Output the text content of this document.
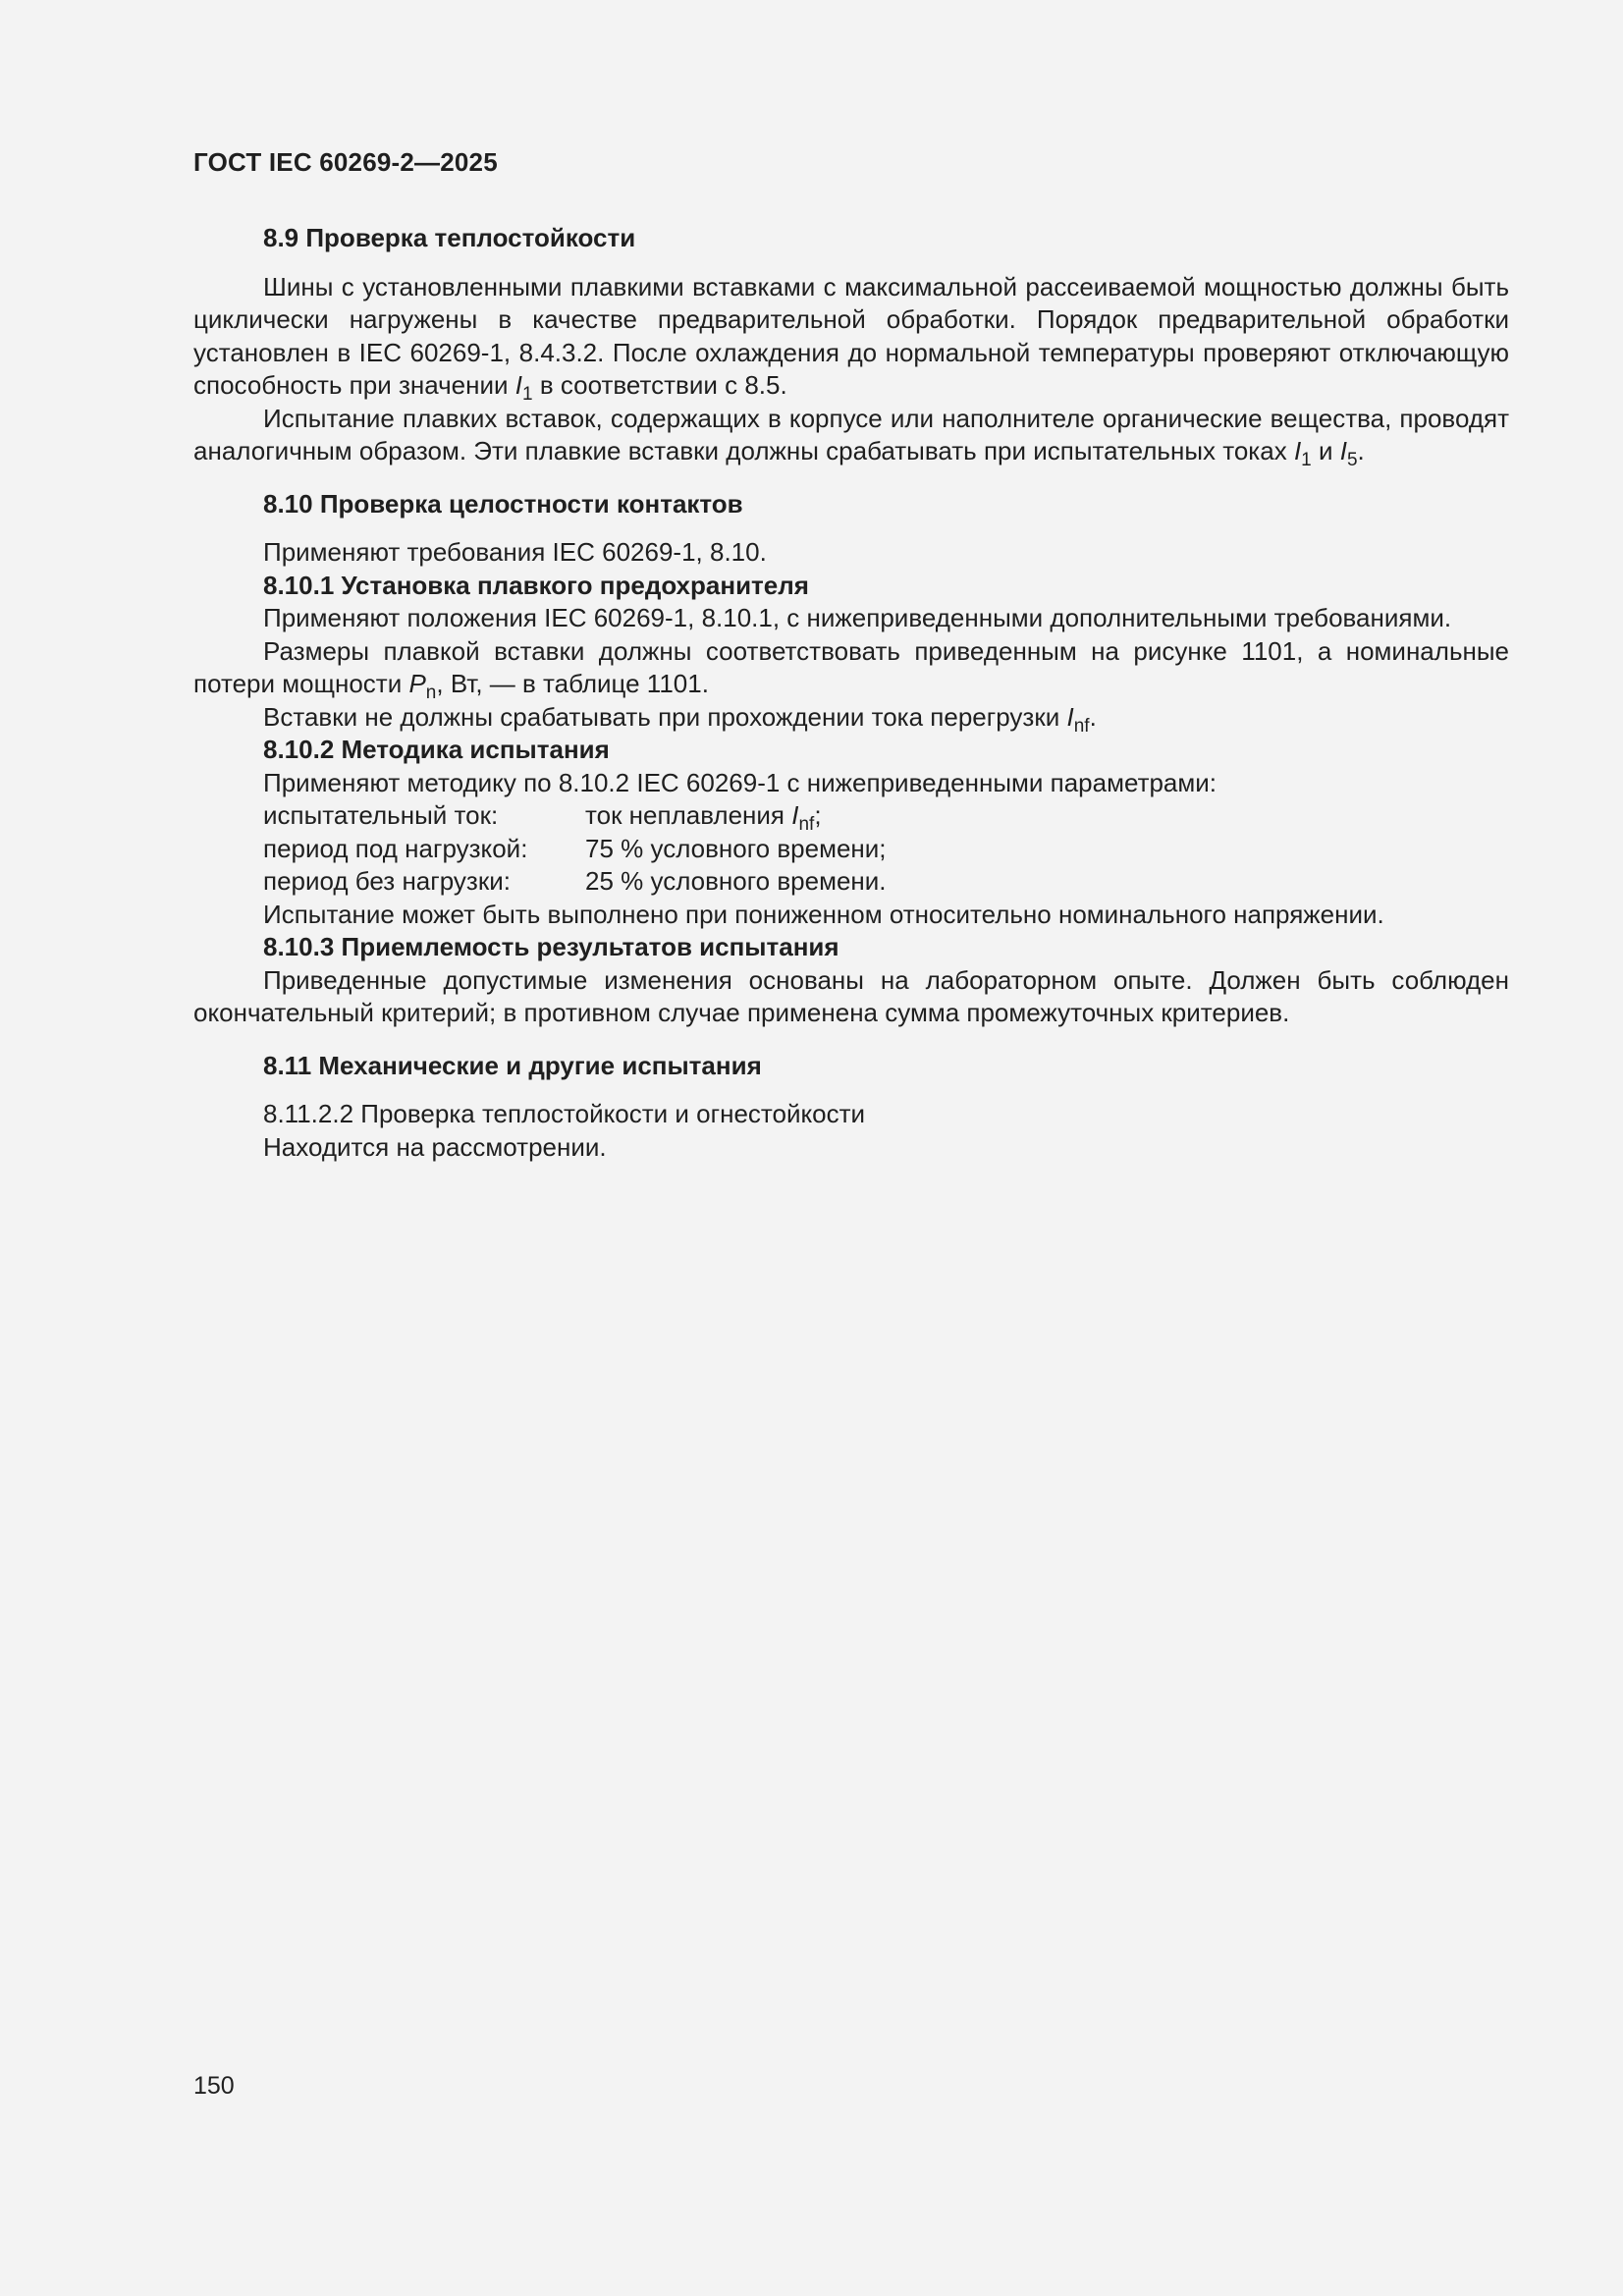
ГОСТ IEC 60269-2—2025
8.9 Проверка теплостойкости
Шины с установленными плавкими вставками с максимальной рассеиваемой мощностью должны быть циклически нагружены в качестве предварительной обработки. Порядок предварительной обработки установлен в IEC 60269-1, 8.4.3.2. После охлаждения до нормальной температуры проверяют отключающую способность при значении $I_1$ в соответствии с 8.5.
Испытание плавких вставок, содержащих в корпусе или наполнителе органические вещества, проводят аналогичным образом. Эти плавкие вставки должны срабатывать при испытательных токах $I_1$ и $I_5$.
8.10 Проверка целостности контактов
Применяют требования IEC 60269-1, 8.10.
8.10.1 Установка плавкого предохранителя
Применяют положения IEC 60269-1, 8.10.1, с нижеприведенными дополнительными требованиями.
Размеры плавкой вставки должны соответствовать приведенным на рисунке 1101, а номинальные потери мощности $P_n$, Вт, — в таблице 1101.
Вставки не должны срабатывать при прохождении тока перегрузки $I_{nf}$.
8.10.2 Методика испытания
Применяют методику по 8.10.2 IEC 60269-1 с нижеприведенными параметрами:
испытательный ток:	ток неплавления $I_{nf}$;
период под нагрузкой:	75 % условного времени;
период без нагрузки:	25 % условного времени.
Испытание может быть выполнено при пониженном относительно номинального напряжении.
8.10.3 Приемлемость результатов испытания
Приведенные допустимые изменения основаны на лабораторном опыте. Должен быть соблюден окончательный критерий; в противном случае применена сумма промежуточных критериев.
8.11 Механические и другие испытания
8.11.2.2 Проверка теплостойкости и огнестойкости
Находится на рассмотрении.
150
